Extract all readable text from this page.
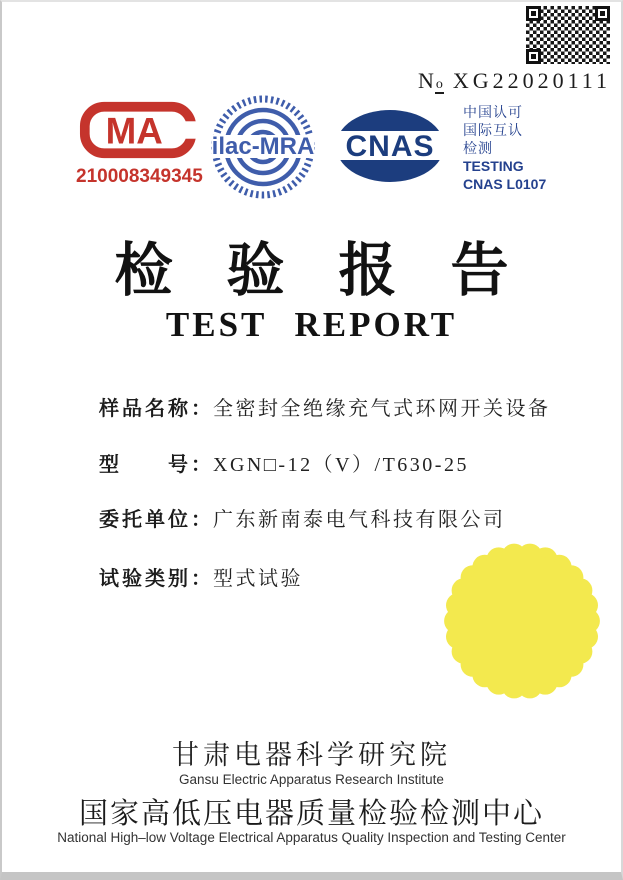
No XG22020111
MA
210008349345
ilac-MRA CNAS
中国认可
国际互认
检测
TESTING
CNAS L0107
检验报告
TEST REPORT
样品名称： 全密封全绝缘充气式环网开关设备
型　　号： XGN□-12（V）/T630-25
委托单位： 广东新南泰电气科技有限公司
试验类别： 型式试验

甘肃电器科学研究院

Gansu Electric Apparatus Research Institute

国家高低压电器质量检验检测中心

National High–low Voltage Electrical Apparatus Quality Inspection and Testing Center
